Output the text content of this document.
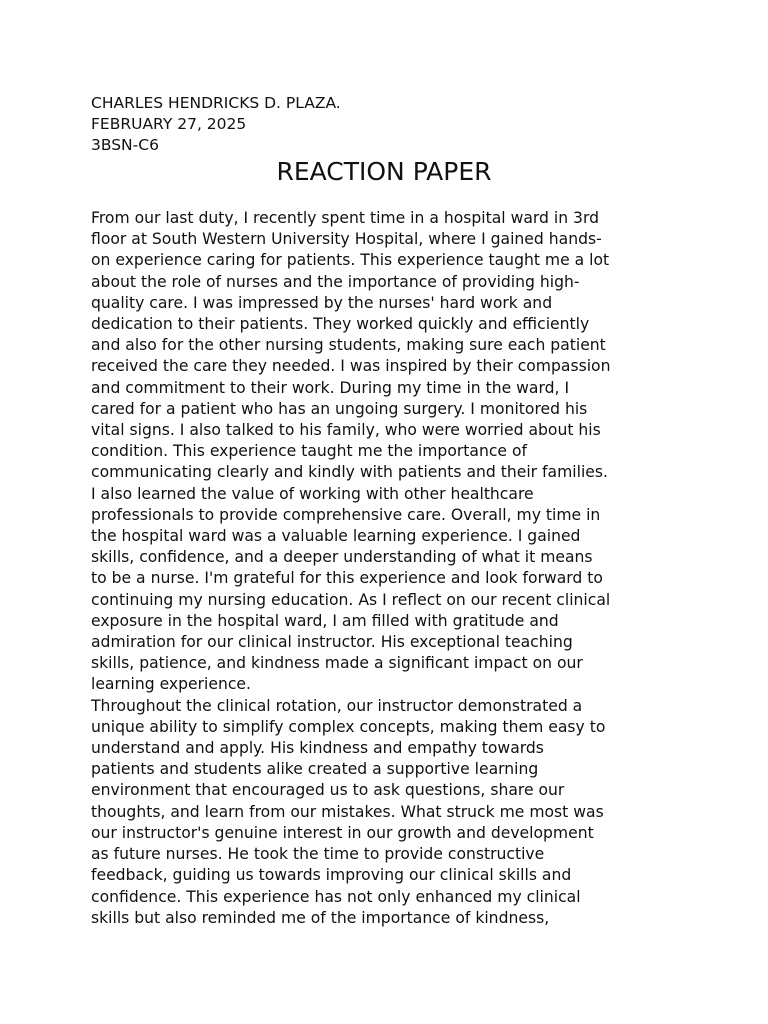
CHARLES HENDRICKS D. PLAZA.
FEBRUARY 27, 2025
3BSN-C6
REACTION PAPER
From our last duty, I recently spent time in a hospital ward in 3rd
floor at South Western University Hospital, where I gained hands-
on experience caring for patients. This experience taught me a lot
about the role of nurses and the importance of providing high-
quality care. I was impressed by the nurses' hard work and
dedication to their patients. They worked quickly and efficiently
and also for the other nursing students, making sure each patient
received the care they needed. I was inspired by their compassion
and commitment to their work. During my time in the ward, I
cared for a patient who has an ungoing surgery. I monitored his
vital signs. I also talked to his family, who were worried about his
condition. This experience taught me the importance of
communicating clearly and kindly with patients and their families.
I also learned the value of working with other healthcare
professionals to provide comprehensive care. Overall, my time in
the hospital ward was a valuable learning experience. I gained
skills, confidence, and a deeper understanding of what it means
to be a nurse. I'm grateful for this experience and look forward to
continuing my nursing education. As I reflect on our recent clinical
exposure in the hospital ward, I am filled with gratitude and
admiration for our clinical instructor. His exceptional teaching
skills, patience, and kindness made a significant impact on our
learning experience.
Throughout the clinical rotation, our instructor demonstrated a
unique ability to simplify complex concepts, making them easy to
understand and apply. His kindness and empathy towards
patients and students alike created a supportive learning
environment that encouraged us to ask questions, share our
thoughts, and learn from our mistakes. What struck me most was
our instructor's genuine interest in our growth and development
as future nurses. He took the time to provide constructive
feedback, guiding us towards improving our clinical skills and
confidence. This experience has not only enhanced my clinical
skills but also reminded me of the importance of kindness,
